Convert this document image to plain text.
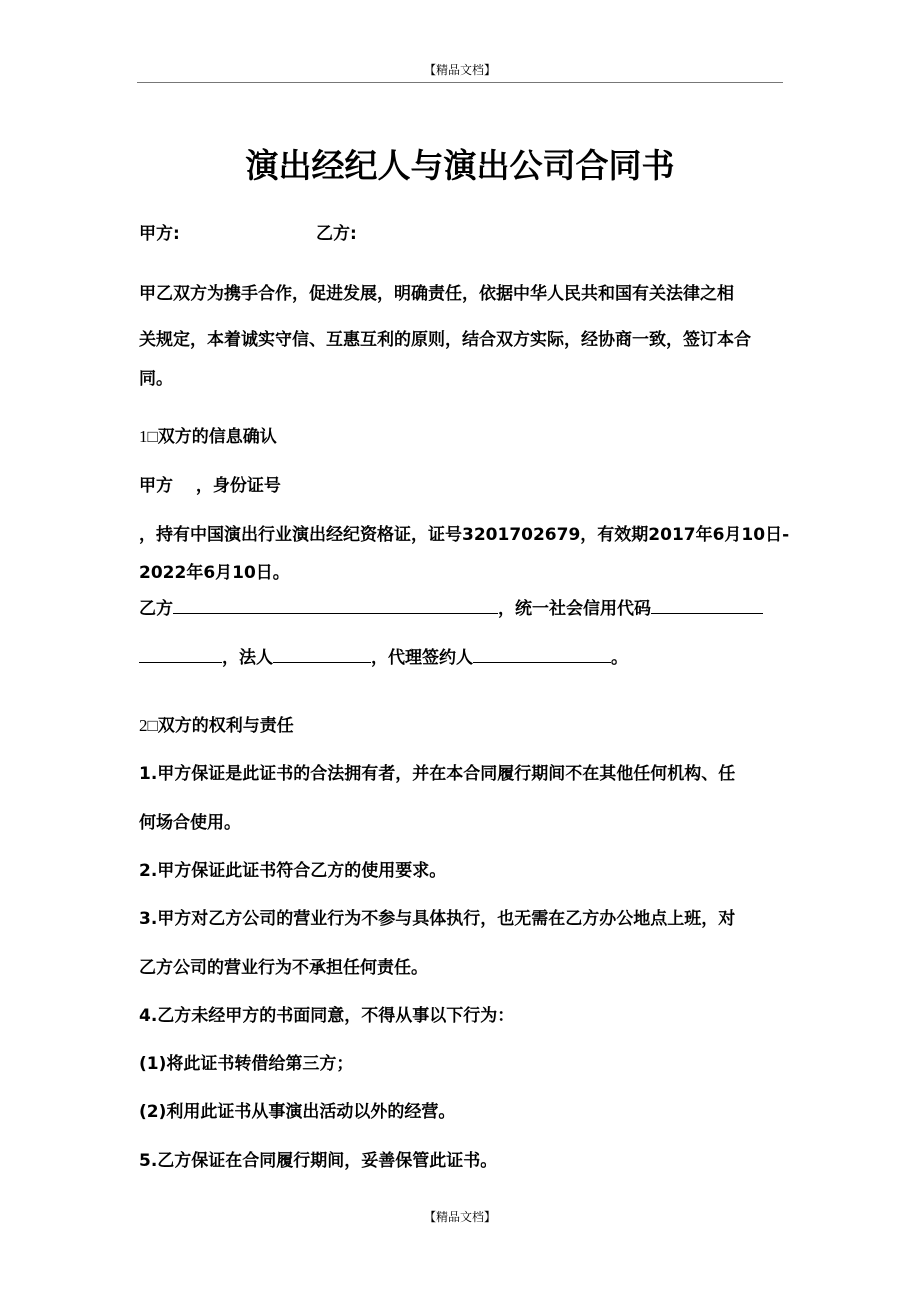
【精品文档】
演出经纪人与演出公司合同书
甲方:	乙方:
甲乙双方为携手合作，促进发展，明确责任，依据中华人民共和国有关法律之相
关规定，本着诚实守信、互惠互利的原则，结合双方实际，经协商一致，签订本合
同。
1□双方的信息确认
甲方　 ，身份证号
，持有中国演出行业演出经纪资格证，证号3201702679，有效期2017年6月10日-
2022年6月10日。
乙方	，统一社会信用代码
，法人	，代理签约人	。
2□双方的权利与责任
1.甲方保证是此证书的合法拥有者，并在本合同履行期间不在其他任何机构、任
何场合使用。
2.甲方保证此证书符合乙方的使用要求。
3.甲方对乙方公司的营业行为不参与具体执行，也无需在乙方办公地点上班，对
乙方公司的营业行为不承担任何责任。
4.乙方未经甲方的书面同意，不得从事以下行为：
(1)将此证书转借给第三方；
(2)利用此证书从事演出活动以外的经营。
5.乙方保证在合同履行期间，妥善保管此证书。
【精品文档】
